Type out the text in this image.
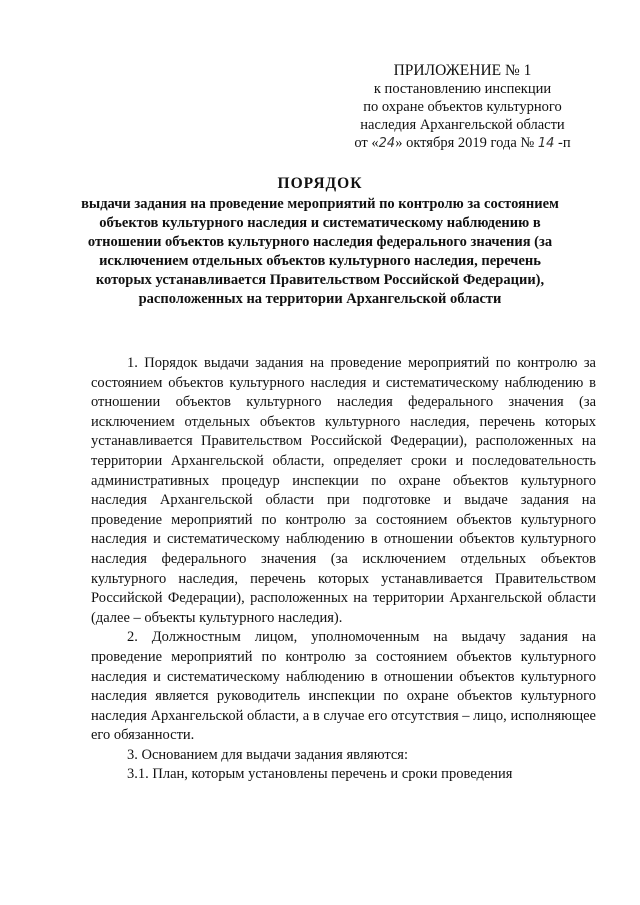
ПРИЛОЖЕНИЕ № 1
к постановлению инспекции
по охране объектов культурного
наследия Архангельской области
от «24» октября 2019 года № 14 -п
ПОРЯДОК
выдачи задания на проведение мероприятий по контролю за состоянием объектов культурного наследия и систематическому наблюдению в отношении объектов культурного наследия федерального значения (за исключением отдельных объектов культурного наследия, перечень которых устанавливается Правительством Российской Федерации), расположенных на территории Архангельской области

1. Порядок выдачи задания на проведение мероприятий по контролю за состоянием объектов культурного наследия и систематическому наблюдению в отношении объектов культурного наследия федерального значения (за исключением отдельных объектов культурного наследия, перечень которых устанавливается Правительством Российской Федерации), расположенных на территории Архангельской области, определяет сроки и последовательность административных процедур инспекции по охране объектов культурного наследия Архангельской области при подготовке и выдаче задания на проведение мероприятий по контролю за состоянием объектов культурного наследия и систематическому наблюдению в отношении объектов культурного наследия федерального значения (за исключением отдельных объектов культурного наследия, перечень которых устанавливается Правительством Российской Федерации), расположенных на территории Архангельской области (далее – объекты культурного наследия).

2. Должностным лицом, уполномоченным на выдачу задания на проведение мероприятий по контролю за состоянием объектов культурного наследия и систематическому наблюдению в отношении объектов культурного наследия является руководитель инспекции по охране объектов культурного наследия Архангельской области, а в случае его отсутствия – лицо, исполняющее его обязанности.

3. Основанием для выдачи задания являются:

3.1. План, которым установлены перечень и сроки проведения
